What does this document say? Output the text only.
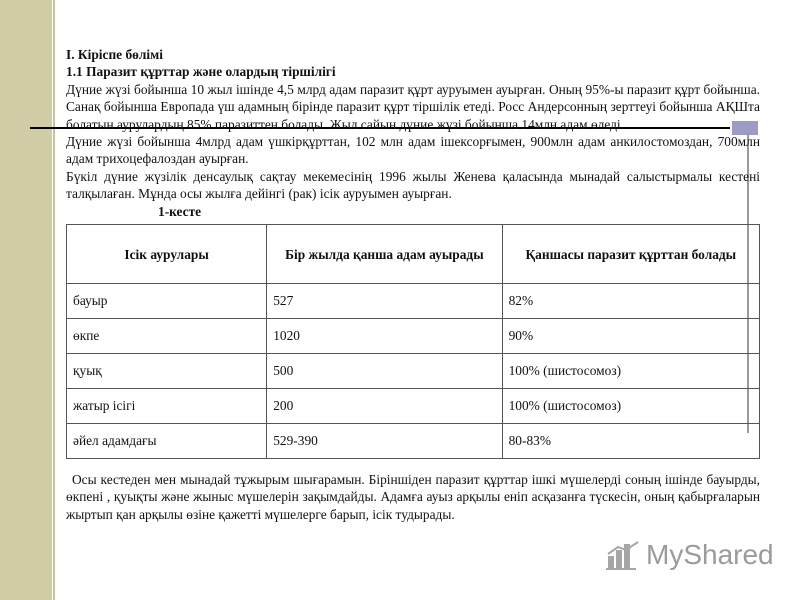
I. Кіріспе бөлімі

1.1 Паразит құрттар және олардың тіршілігі

Дүние жүзі бойынша 10 жыл ішінде 4,5 млрд адам паразит құрт ауруымен ауырған. Оның 95%-ы паразит құрт бойынша. Санақ бойынша Европада үш адамның бірінде паразит құрт тіршілік етеді. Росс Андерсонның зерттеуі бойынша АҚШта болатын аурулардың 85% паразиттен болады. Жыл сайын дүние жүзі бойынша 14млн адам өледі.

Дүние жүзі бойынша 4млрд адам үшкірқұрттан, 102 млн адам ішексорғымен, 900млн адам анкилостомоздан, 700млн адам трихоцефалоздан ауырған.

Бүкіл дүние жүзілік денсаулық сақтау мекемесінің 1996 жылы Женева қаласында мынадай салыстырмалы кестені талқылаған. Мұнда осы жылға дейінгі (рак) ісік ауруымен ауырған.

1-кесте

Ісік аурулары	Бір жылда қанша адам ауырады	Қаншасы паразит құрттан болады
бауыр	527	82%
өкпе	1020	90%
қуық	500	100% (шистосомоз)
жатыр ісігі	200	100% (шистосомоз)
әйел адамдағы	529-390	80-83%

Осы кестеден мен мынадай тұжырым шығарамын. Біріншіден паразит құрттар ішкі мүшелерді соның ішінде бауырды, өкпені , қуықты және жыныс мүшелерін зақымдайды. Адамға ауыз арқылы еніп асқазанға түскесін, оның қабырғаларын жыртып қан арқылы өзіне қажетті мүшелерге барып, ісік тудырады.

MyShared
